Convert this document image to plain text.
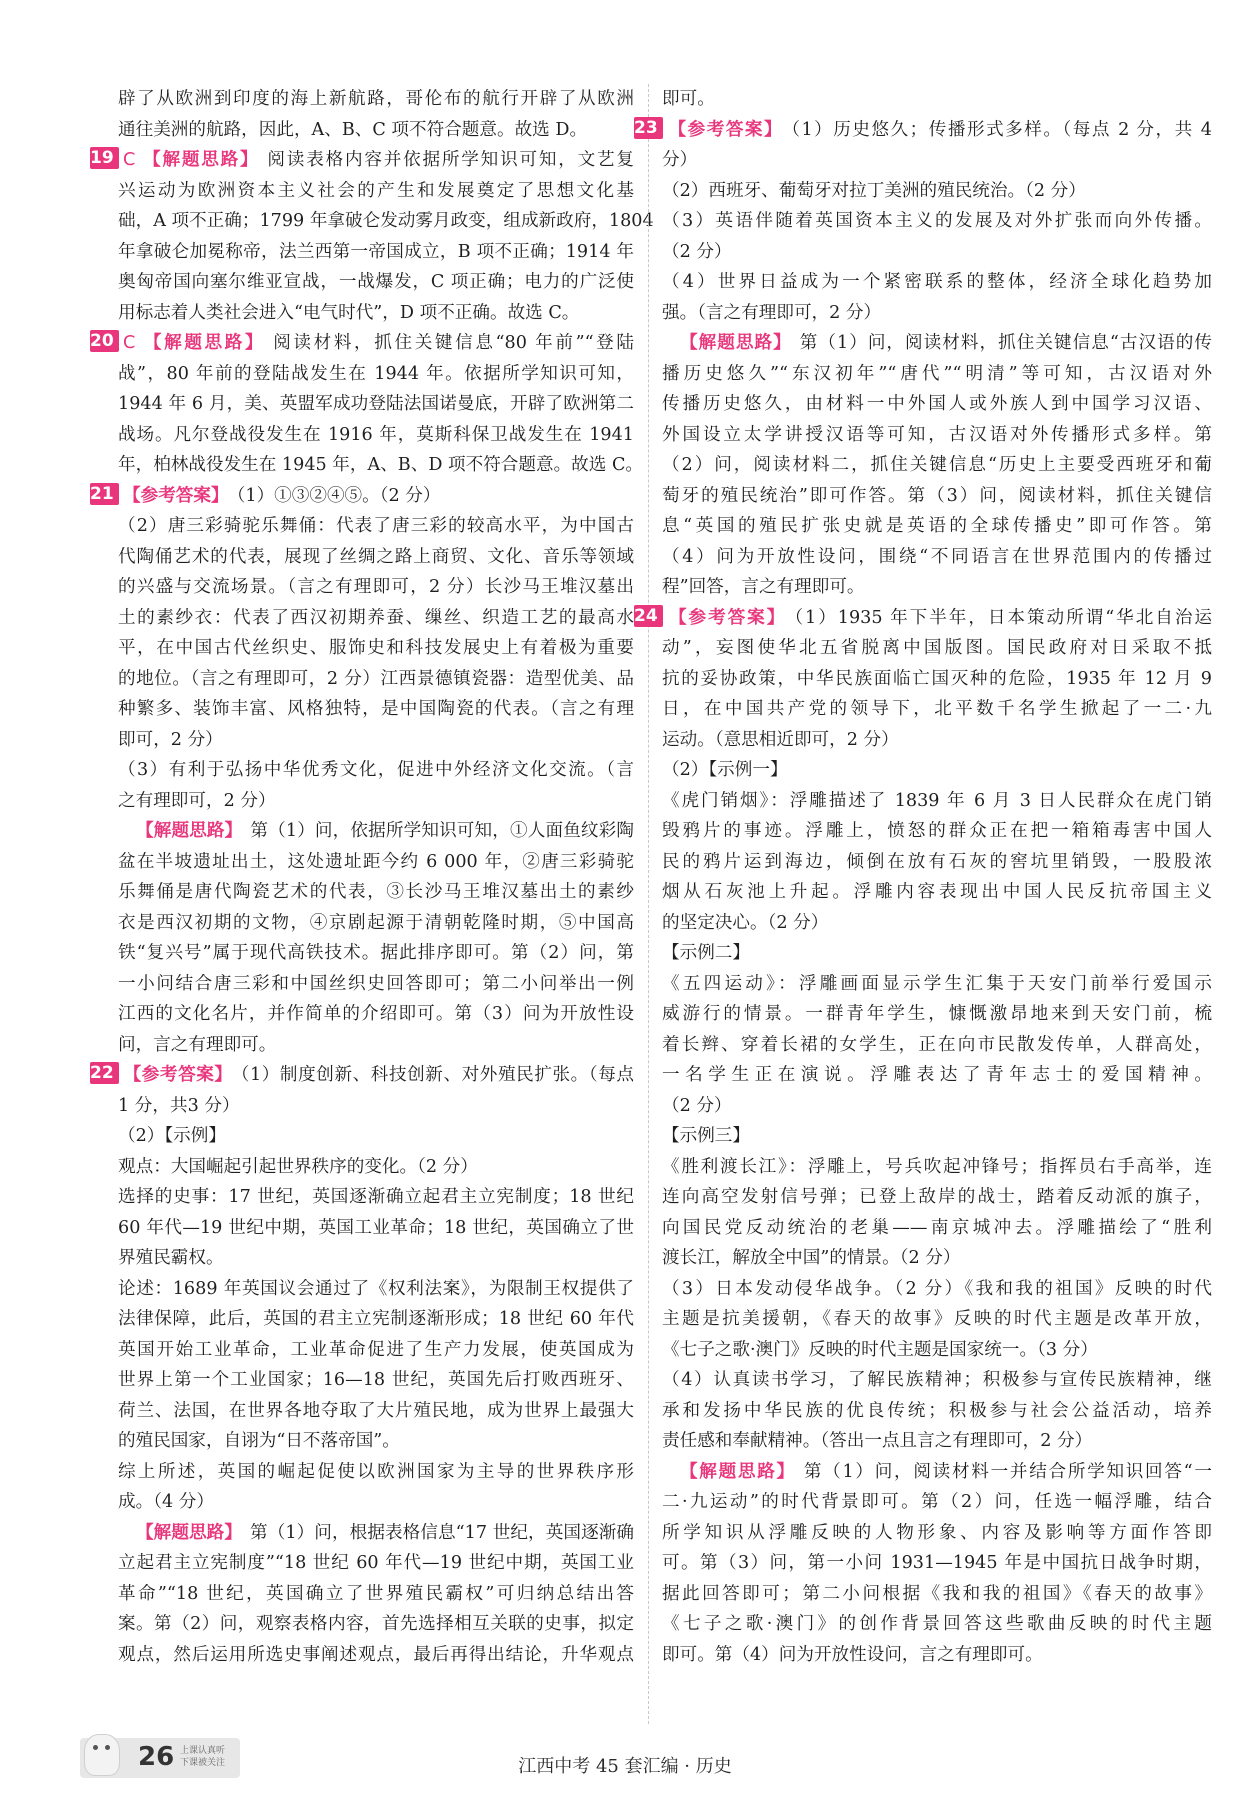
辟了从欧洲到印度的海上新航路，哥伦布的航行开辟了从欧洲

通往美洲的航路，因此，A、B、C 项不符合题意。故选 D。

19 C 【解题思路】 阅读表格内容并依据所学知识可知，文艺复

兴运动为欧洲资本主义社会的产生和发展奠定了思想文化基

础，A 项不正确；1799 年拿破仑发动雾月政变，组成新政府，1804

年拿破仑加冕称帝，法兰西第一帝国成立，B 项不正确；1914 年

奥匈帝国向塞尔维亚宣战，一战爆发，C 项正确；电力的广泛使

用标志着人类社会进入“电气时代”，D 项不正确。故选 C。

20 C 【解题思路】 阅读材料，抓住关键信息“80 年前”“登陆

战”，80 年前的登陆战发生在 1944 年。依据所学知识可知，

1944 年 6 月，美、英盟军成功登陆法国诺曼底，开辟了欧洲第二

战场。凡尔登战役发生在 1916 年，莫斯科保卫战发生在 1941

年，柏林战役发生在 1945 年，A、B、D 项不符合题意。故选 C。

21 【参考答案】 （1）①③②④⑤。（2 分）

（2）唐三彩骑驼乐舞俑：代表了唐三彩的较高水平，为中国古

代陶俑艺术的代表，展现了丝绸之路上商贸、文化、音乐等领域

的兴盛与交流场景。（言之有理即可，2 分）长沙马王堆汉墓出

土的素纱衣：代表了西汉初期养蚕、缫丝、织造工艺的最高水

平，在中国古代丝织史、服饰史和科技发展史上有着极为重要

的地位。（言之有理即可，2 分）江西景德镇瓷器：造型优美、品

种繁多、装饰丰富、风格独特，是中国陶瓷的代表。（言之有理

即可，2 分）

（3）有利于弘扬中华优秀文化，促进中外经济文化交流。（言

之有理即可，2 分）

【解题思路】 第（1）问，依据所学知识可知，①人面鱼纹彩陶

盆在半坡遗址出土，这处遗址距今约 6 000 年，②唐三彩骑驼

乐舞俑是唐代陶瓷艺术的代表，③长沙马王堆汉墓出土的素纱

衣是西汉初期的文物，④京剧起源于清朝乾隆时期，⑤中国高

铁“复兴号”属于现代高铁技术。据此排序即可。第（2）问，第

一小问结合唐三彩和中国丝织史回答即可；第二小问举出一例

江西的文化名片，并作简单的介绍即可。第（3）问为开放性设

问，言之有理即可。

22 【参考答案】 （1）制度创新、科技创新、对外殖民扩张。（每点

1 分，共3 分）

（2）【示例】

观点：大国崛起引起世界秩序的变化。（2 分）

选择的史事：17 世纪，英国逐渐确立起君主立宪制度；18 世纪

60 年代—19 世纪中期，英国工业革命；18 世纪，英国确立了世

界殖民霸权。

论述：1689 年英国议会通过了《权利法案》，为限制王权提供了

法律保障，此后，英国的君主立宪制逐渐形成；18 世纪 60 年代

英国开始工业革命，工业革命促进了生产力发展，使英国成为

世界上第一个工业国家；16—18 世纪，英国先后打败西班牙、

荷兰、法国，在世界各地夺取了大片殖民地，成为世界上最强大

的殖民国家，自诩为“日不落帝国”。

综上所述，英国的崛起促使以欧洲国家为主导的世界秩序形

成。（4 分）

【解题思路】 第（1）问，根据表格信息“17 世纪，英国逐渐确

立起君主立宪制度”“18 世纪 60 年代—19 世纪中期，英国工业

革命”“18 世纪，英国确立了世界殖民霸权”可归纳总结出答

案。第（2）问，观察表格内容，首先选择相互关联的史事，拟定

观点，然后运用所选史事阐述观点，最后再得出结论，升华观点

即可。

23 【参考答案】 （1）历史悠久；传播形式多样。（每点 2 分，共 4

分）

（2）西班牙、葡萄牙对拉丁美洲的殖民统治。（2 分）

（3）英语伴随着英国资本主义的发展及对外扩张而向外传播。

（2 分）

（4）世界日益成为一个紧密联系的整体，经济全球化趋势加

强。（言之有理即可，2 分）

【解题思路】 第（1）问，阅读材料，抓住关键信息“古汉语的传

播历史悠久”“东汉初年”“唐代”“明清”等可知，古汉语对外

传播历史悠久，由材料一中外国人或外族人到中国学习汉语、

外国设立太学讲授汉语等可知，古汉语对外传播形式多样。第

（2）问，阅读材料二，抓住关键信息“历史上主要受西班牙和葡

萄牙的殖民统治”即可作答。第（3）问，阅读材料，抓住关键信

息“英国的殖民扩张史就是英语的全球传播史”即可作答。第

（4）问为开放性设问，围绕“不同语言在世界范围内的传播过

程”回答，言之有理即可。

24 【参考答案】 （1）1935 年下半年，日本策动所谓“华北自治运

动”，妄图使华北五省脱离中国版图。国民政府对日采取不抵

抗的妥协政策，中华民族面临亡国灭种的危险，1935 年 12 月 9

日，在中国共产党的领导下，北平数千名学生掀起了一二·九

运动。（意思相近即可，2 分）

（2）【示例一】

《虎门销烟》：浮雕描述了 1839 年 6 月 3 日人民群众在虎门销

毁鸦片的事迹。浮雕上，愤怒的群众正在把一箱箱毒害中国人

民的鸦片运到海边，倾倒在放有石灰的窖坑里销毁，一股股浓

烟从石灰池上升起。浮雕内容表现出中国人民反抗帝国主义

的坚定决心。（2 分）

【示例二】

《五四运动》：浮雕画面显示学生汇集于天安门前举行爱国示

威游行的情景。一群青年学生，慷慨激昂地来到天安门前，梳

着长辫、穿着长裙的女学生，正在向市民散发传单，人群高处，

一名学生正在演说。浮雕表达了青年志士的爱国精神。

（2 分）

【示例三】

《胜利渡长江》：浮雕上，号兵吹起冲锋号；指挥员右手高举，连

连向高空发射信号弹；已登上敌岸的战士，踏着反动派的旗子，

向国民党反动统治的老巢——南京城冲去。浮雕描绘了“胜利

渡长江，解放全中国”的情景。（2 分）

（3）日本发动侵华战争。（2 分）《我和我的祖国》反映的时代

主题是抗美援朝，《春天的故事》反映的时代主题是改革开放，

《七子之歌·澳门》反映的时代主题是国家统一。（3 分）

（4）认真读书学习，了解民族精神；积极参与宣传民族精神，继

承和发扬中华民族的优良传统；积极参与社会公益活动，培养

责任感和奉献精神。（答出一点且言之有理即可，2 分）

【解题思路】 第（1）问，阅读材料一并结合所学知识回答“一

二·九运动”的时代背景即可。第（2）问，任选一幅浮雕，结合

所学知识从浮雕反映的人物形象、内容及影响等方面作答即

可。第（3）问，第一小问 1931—1945 年是中国抗日战争时期，

据此回答即可；第二小问根据《我和我的祖国》《春天的故事》

《七子之歌·澳门》的创作背景回答这些歌曲反映的时代主题

即可。第（4）问为开放性设问，言之有理即可。

26 上课认真听 下课被关注	江西中考 45 套汇编 · 历史
